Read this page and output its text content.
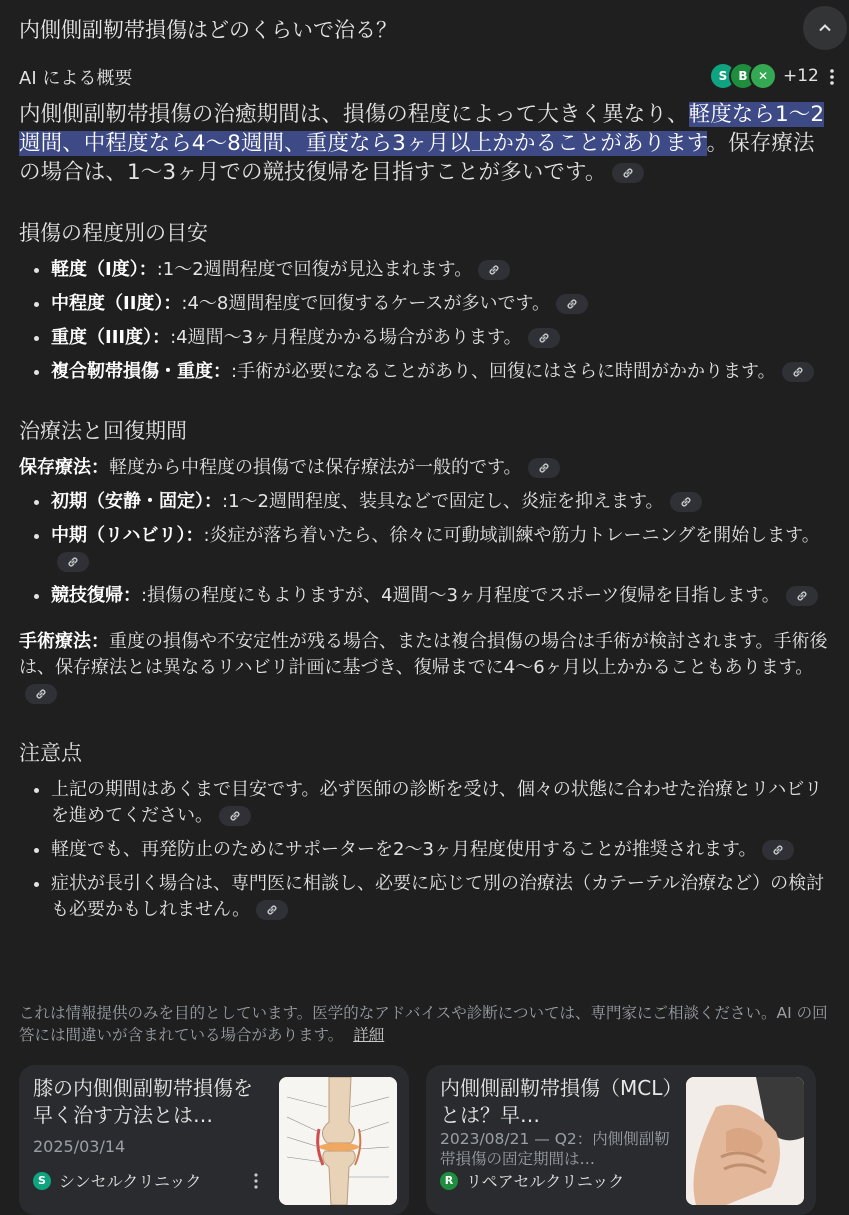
内側側副靭帯損傷はどのくらいで治る？
AI による概要	S B ✕ +12

内側側副靭帯損傷の治癒期間は、損傷の程度によって大きく異なり、軽度なら1〜2週間、中程度なら4〜8週間、重度なら3ヶ月以上かかることがあります。保存療法の場合は、1〜3ヶ月での競技復帰を目指すことが多いです。

損傷の程度別の目安
• 軽度（I度）：:1〜2週間程度で回復が見込まれます。
• 中程度（II度）：:4〜8週間程度で回復するケースが多いです。
• 重度（III度）：:4週間〜3ヶ月程度かかる場合があります。
• 複合靭帯損傷・重度：:手術が必要になることがあり、回復にはさらに時間がかかります。
治療法と回復期間

保存療法：軽度から中程度の損傷では保存療法が一般的です。

• 初期（安静・固定）：:1〜2週間程度、装具などで固定し、炎症を抑えます。
• 中期（リハビリ）：:炎症が落ち着いたら、徐々に可動域訓練や筋力トレーニングを開始します。
• 競技復帰：:損傷の程度にもよりますが、4週間〜3ヶ月程度でスポーツ復帰を目指します。

手術療法：重度の損傷や不安定性が残る場合、または複合損傷の場合は手術が検討されます。手術後は、保存療法とは異なるリハビリ計画に基づき、復帰までに4〜6ヶ月以上かかることもあります。

注意点
• 上記の期間はあくまで目安です。必ず医師の診断を受け、個々の状態に合わせた治療とリハビリを進めてください。
• 軽度でも、再発防止のためにサポーターを2〜3ヶ月程度使用することが推奨されます。
• 症状が長引く場合は、専門医に相談し、必要に応じて別の治療法（カテーテル治療など）の検討も必要かもしれません。
これは情報提供のみを目的としています。医学的なアドバイスや診断については、専門家にご相談ください。AI の回答には間違いが含まれている場合があります。 詳細
膝の内側側副靭帯損傷を早く治す方法とは…
2025/03/14
S シンセルクリニック
内側側副靭帯損傷（MCL）とは？早…
2023/08/21 — Q2：内側側副靭帯損傷の固定期間は…
R リペアセルクリニック
